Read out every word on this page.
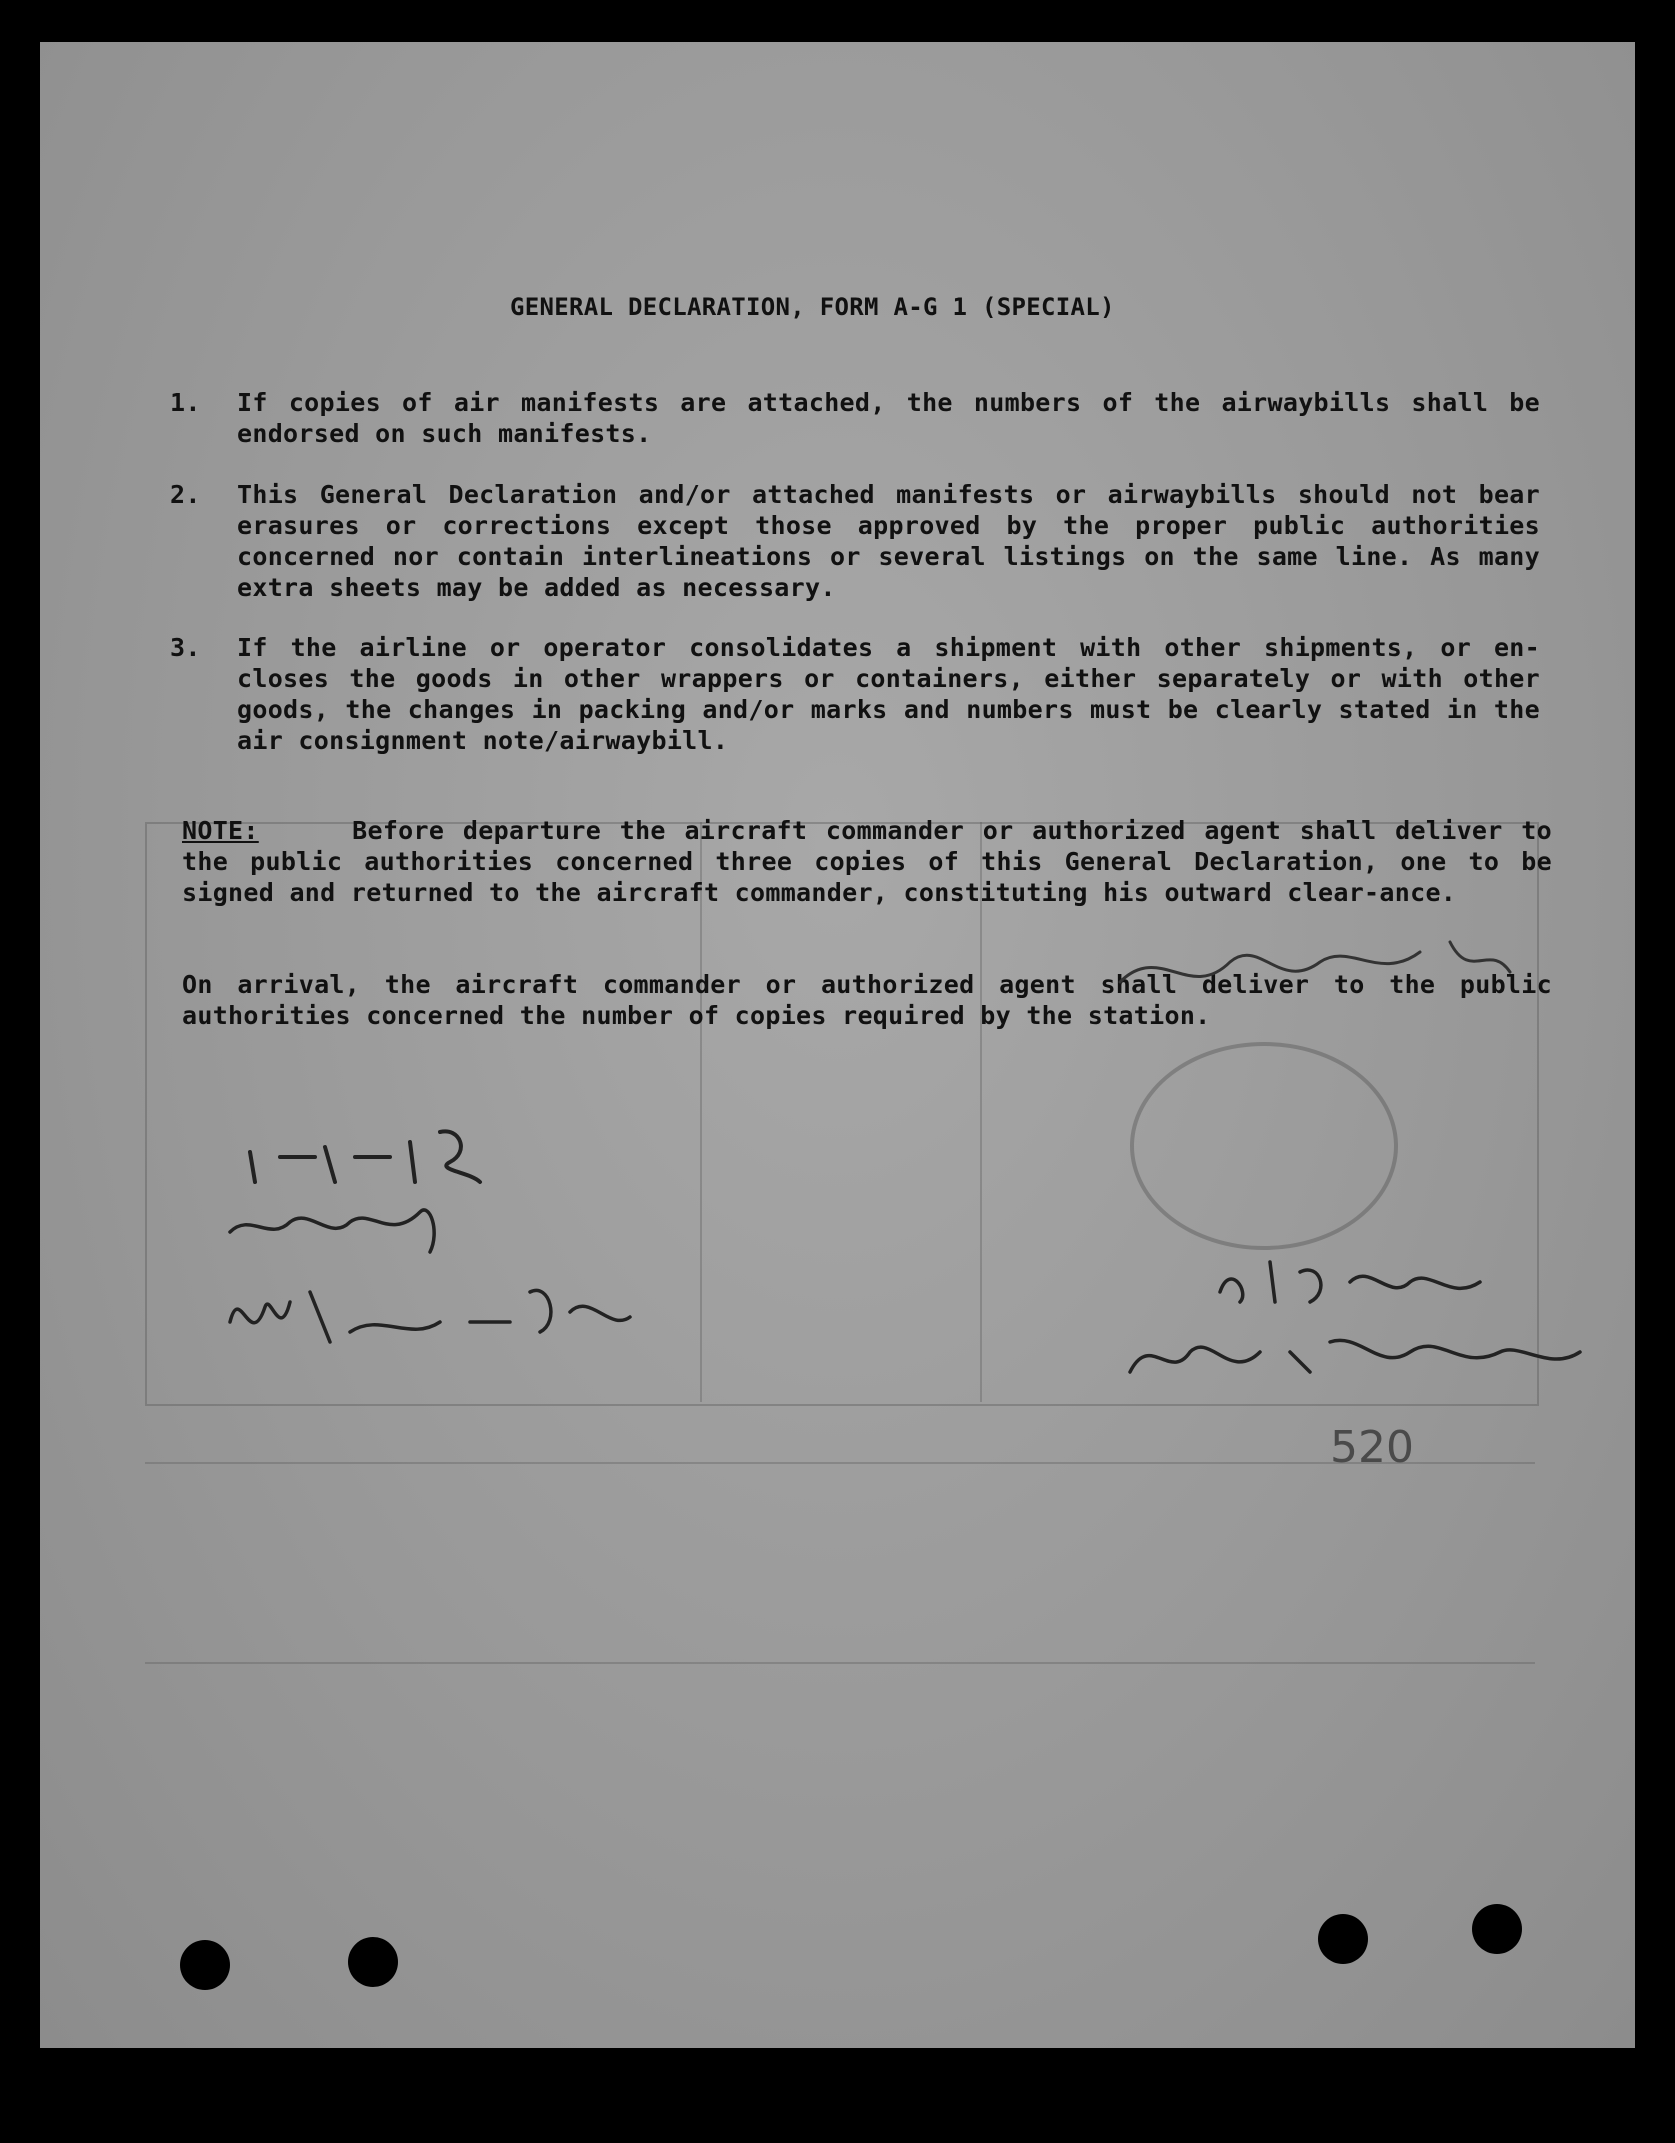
GENERAL DECLARATION, FORM A-G 1 (SPECIAL)
1. If copies of air manifests are attached, the numbers of the airwaybills shall be endorsed on such manifests.
2. This General Declaration and/or attached manifests or airwaybills should not bear erasures or corrections except those approved by the proper public authorities concerned nor contain interlineations or several listings on the same line. As many extra sheets may be added as necessary.
3. If the airline or operator consolidates a shipment with other shipments, or en-closes the goods in other wrappers or containers, either separately or with other goods, the changes in packing and/or marks and numbers must be clearly stated in the air consignment note/airwaybill.
NOTE:	Before departure the aircraft commander or authorized agent shall deliver to the public authorities concerned three copies of this General Declaration, one to be signed and returned to the aircraft commander, constituting his outward clear-ance.
On arrival, the aircraft commander or authorized agent shall deliver to the public authorities concerned the number of copies required by the station.
520
